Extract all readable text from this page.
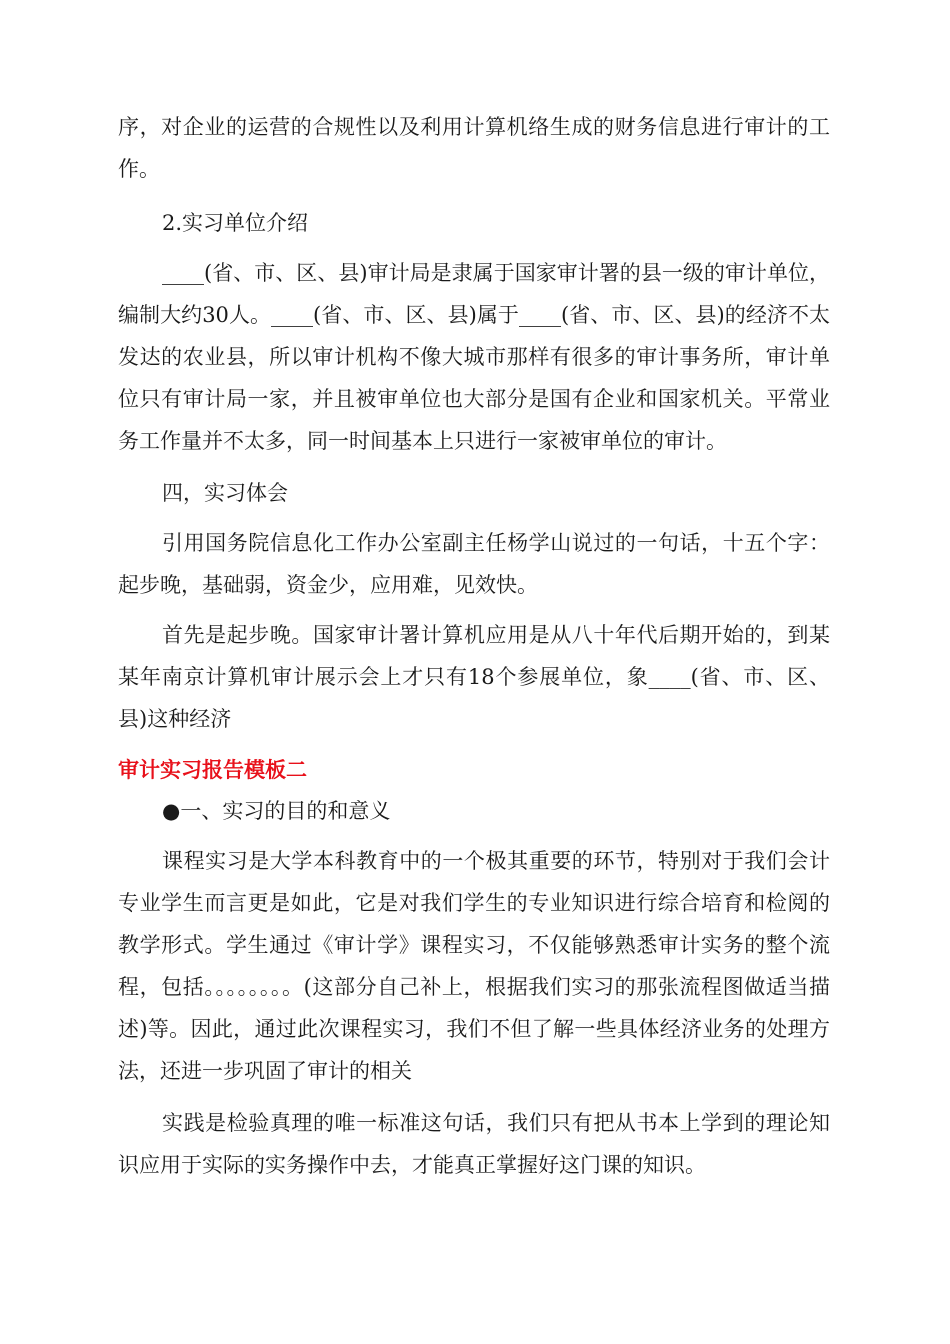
序，对企业的运营的合规性以及利用计算机络生成的财务信息进行审计的工作。

2.实习单位介绍

____(省、市、区、县)审计局是隶属于国家审计署的县一级的审计单位，编制大约30人。____(省、市、区、县)属于____(省、市、区、县)的经济不太发达的农业县，所以审计机构不像大城市那样有很多的审计事务所，审计单位只有审计局一家，并且被审单位也大部分是国有企业和国家机关。平常业务工作量并不太多，同一时间基本上只进行一家被审单位的审计。

四，实习体会

引用国务院信息化工作办公室副主任杨学山说过的一句话，十五个字：起步晚，基础弱，资金少，应用难，见效快。

首先是起步晚。国家审计署计算机应用是从八十年代后期开始的，到某某年南京计算机审计展示会上才只有18个参展单位，象____(省、市、区、县)这种经济

审计实习报告模板二

●一、实习的目的和意义

课程实习是大学本科教育中的一个极其重要的环节，特别对于我们会计专业学生而言更是如此，它是对我们学生的专业知识进行综合培育和检阅的教学形式。学生通过《审计学》课程实习，不仅能够熟悉审计实务的整个流程，包括。。。。。。。。(这部分自己补上，根据我们实习的那张流程图做适当描述)等。因此，通过此次课程实习，我们不但了解一些具体经济业务的处理方法，还进一步巩固了审计的相关

实践是检验真理的唯一标准这句话，我们只有把从书本上学到的理论知识应用于实际的实务操作中去，才能真正掌握好这门课的知识。
